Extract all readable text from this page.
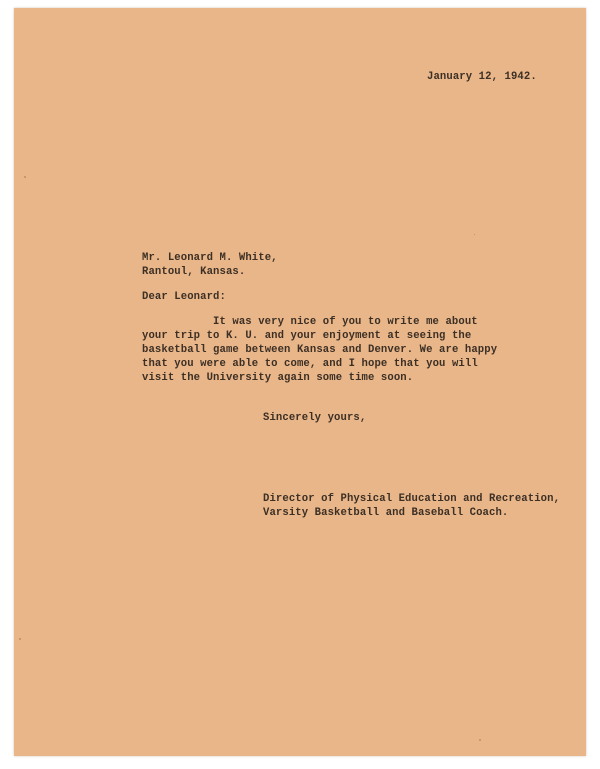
January 12, 1942.
Mr. Leonard M. White,
Rantoul, Kansas.
Dear Leonard:
It was very nice of you to write me about
your trip to K. U. and your enjoyment at seeing the
basketball game between Kansas and Denver. We are happy
that you were able to come, and I hope that you will
visit the University again some time soon.
Sincerely yours,
Director of Physical Education and Recreation,
Varsity Basketball and Baseball Coach.
